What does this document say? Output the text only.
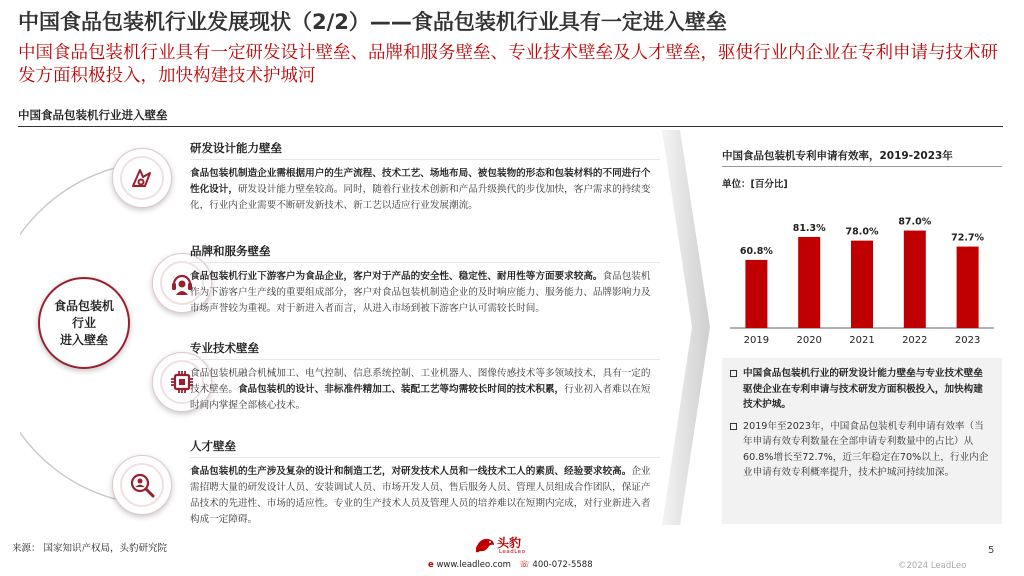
中国食品包装机行业发展现状（2/2）——食品包装机行业具有一定进入壁垒
中国食品包装机行业具有一定研发设计壁垒、品牌和服务壁垒、专业技术壁垒及人才壁垒，驱使行业内企业在专利申请与技术研发方面积极投入，加快构建技术护城河
中国食品包装机行业进入壁垒
食品包装机
行业
进入壁垒
研发设计能力壁垒

食品包装机制造企业需根据用户的生产流程、技术工艺、场地布局、被包装物的形态和包装材料的不同进行个性化设计，研发设计能力壁垒较高。同时，随着行业技术创新和产品升级换代的步伐加快，客户需求的持续变化，行业内企业需要不断研发新技术、新工艺以适应行业发展潮流。

品牌和服务壁垒

食品包装机行业下游客户为食品企业，客户对于产品的安全性、稳定性、耐用性等方面要求较高。食品包装机作为下游客户生产线的重要组成部分，客户对食品包装机制造企业的及时响应能力、服务能力、品牌影响力及市场声誉较为重视。对于新进入者而言，从进入市场到被下游客户认可需较长时间。

专业技术壁垒

食品包装机融合机械加工、电气控制、信息系统控制、工业机器人、图像传感技术等多领域技术，具有一定的技术壁垒。食品包装机的设计、非标准件精加工、装配工艺等均需较长时间的技术积累，行业初入者难以在短时间内掌握全部核心技术。

人才壁垒

食品包装机的生产涉及复杂的设计和制造工艺，对研发技术人员和一线技术工人的素质、经验要求较高。企业需招聘大量的研发设计人员、安装调试人员、市场开发人员、售后服务人员、管理人员组成合作团队，保证产品技术的先进性、市场的适应性。专业的生产技术人员及管理人员的培养难以在短期内完成，对行业新进入者构成一定障碍。

中国食品包装机专利申请有效率，2019-2023年
单位：[百分比]
60.8%
2019
81.3%
2020
78.0%
2021
87.0%
2022
72.7%
2023
中国食品包装机行业的研发设计能力壁垒与专业技术壁垒驱使企业在专利申请与技术研发方面积极投入，加快构建技术护城。
2019年至2023年，中国食品包装机专利申请有效率（当年申请有效专利数量在全部申请专利数量中的占比）从60.8%增长至72.7%，近三年稳定在70%以上，行业内企业申请有效专利概率提升，技术护城河持续加深。
来源： 国家知识产权局，头豹研究院	头豹
LeadLeo
e www.leadleo.com ☏ 400-072-5588
5
©2024 LeadLeo
